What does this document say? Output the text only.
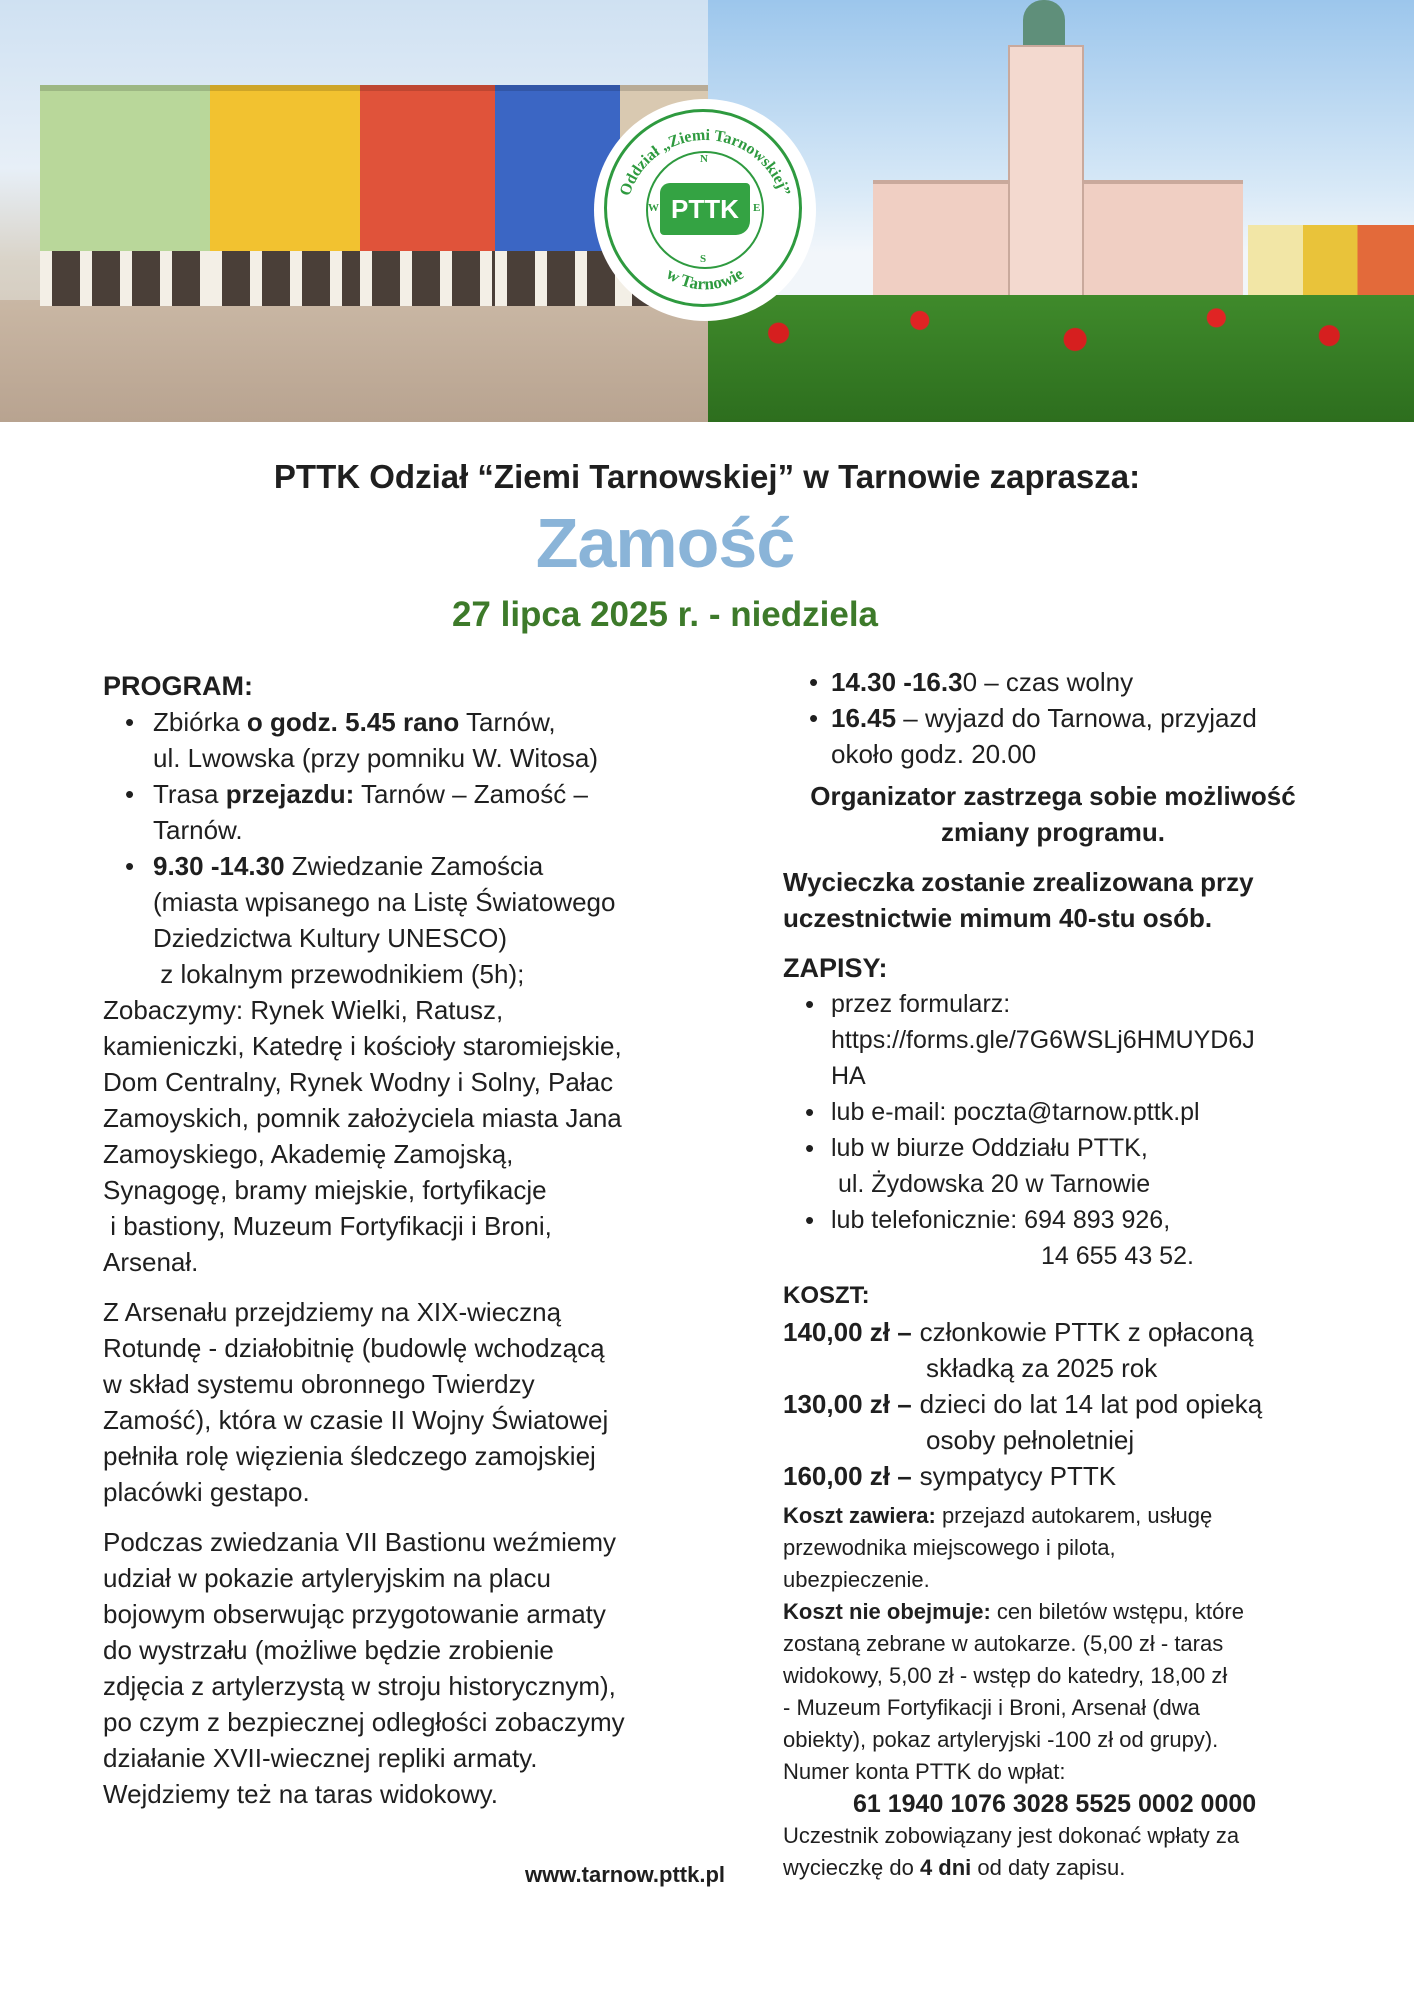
Oddział „Ziemi Tarnowskiej”
w Tarnowie
PTTK
N
E
S
W
PTTK Odział “Ziemi Tarnowskiej” w Tarnowie zaprasza:
Zamość
27 lipca 2025 r. - niedziela
PROGRAM:
• Zbiórka o godz. 5.45 rano Tarnów,
ul. Lwowska (przy pomniku W. Witosa)
• Trasa przejazdu: Tarnów – Zamość –
Tarnów.
• 9.30 -14.30 Zwiedzanie Zamościa
(miasta wpisanego na Listę Światowego
Dziedzictwa Kultury UNESCO)
z lokalnym przewodnikiem (5h);
Zobaczymy: Rynek Wielki, Ratusz,
kamieniczki, Katedrę i kościoły staromiejskie,
Dom Centralny, Rynek Wodny i Solny, Pałac
Zamoyskich, pomnik założyciela miasta Jana
Zamoyskiego, Akademię Zamojską,
Synagogę, bramy miejskie, fortyfikacje
i bastiony, Muzeum Fortyfikacji i Broni,
Arsenał.
Z Arsenału przejdziemy na XIX-wieczną
Rotundę - działobitnię (budowlę wchodzącą
w skład systemu obronnego Twierdzy
Zamość), która w czasie II Wojny Światowej
pełniła rolę więzienia śledczego zamojskiej
placówki gestapo.
Podczas zwiedzania VII Bastionu weźmiemy
udział w pokazie artyleryjskim na placu
bojowym obserwując przygotowanie armaty
do wystrzału (możliwe będzie zrobienie
zdjęcia z artylerzystą w stroju historycznym),
po czym z bezpiecznej odległości zobaczymy
działanie XVII-wiecznej repliki armaty.
Wejdziemy też na taras widokowy.
www.tarnow.pttk.pl
• 14.30 -16.30 – czas wolny
• 16.45 – wyjazd do Tarnowa, przyjazd
około godz. 20.00
Organizator zastrzega sobie możliwość
zmiany programu.
Wycieczka zostanie zrealizowana przy
uczestnictwie mimum 40-stu osób.
ZAPISY:
• przez formularz:
https://forms.gle/7G6WSLj6HMUYD6J
HA
• lub e-mail: poczta@tarnow.pttk.pl
• lub w biurze Oddziału PTTK,
ul. Żydowska 20 w Tarnowie
• lub telefonicznie: 694 893 926,
14 655 43 52.
KOSZT:
140,00 zł – członkowie PTTK z opłaconą
składką za 2025 rok
130,00 zł – dzieci do lat 14 lat pod opieką
osoby pełnoletniej
160,00 zł – sympatycy PTTK
Koszt zawiera: przejazd autokarem, usługę
przewodnika miejscowego i pilota,
ubezpieczenie.
Koszt nie obejmuje: cen biletów wstępu, które
zostaną zebrane w autokarze. (5,00 zł - taras
widokowy, 5,00 zł - wstęp do katedry, 18,00 zł
- Muzeum Fortyfikacji i Broni, Arsenał (dwa
obiekty), pokaz artyleryjski -100 zł od grupy).
Numer konta PTTK do wpłat:
61 1940 1076 3028 5525 0002 0000
Uczestnik zobowiązany jest dokonać wpłaty za
wycieczkę do 4 dni od daty zapisu.
